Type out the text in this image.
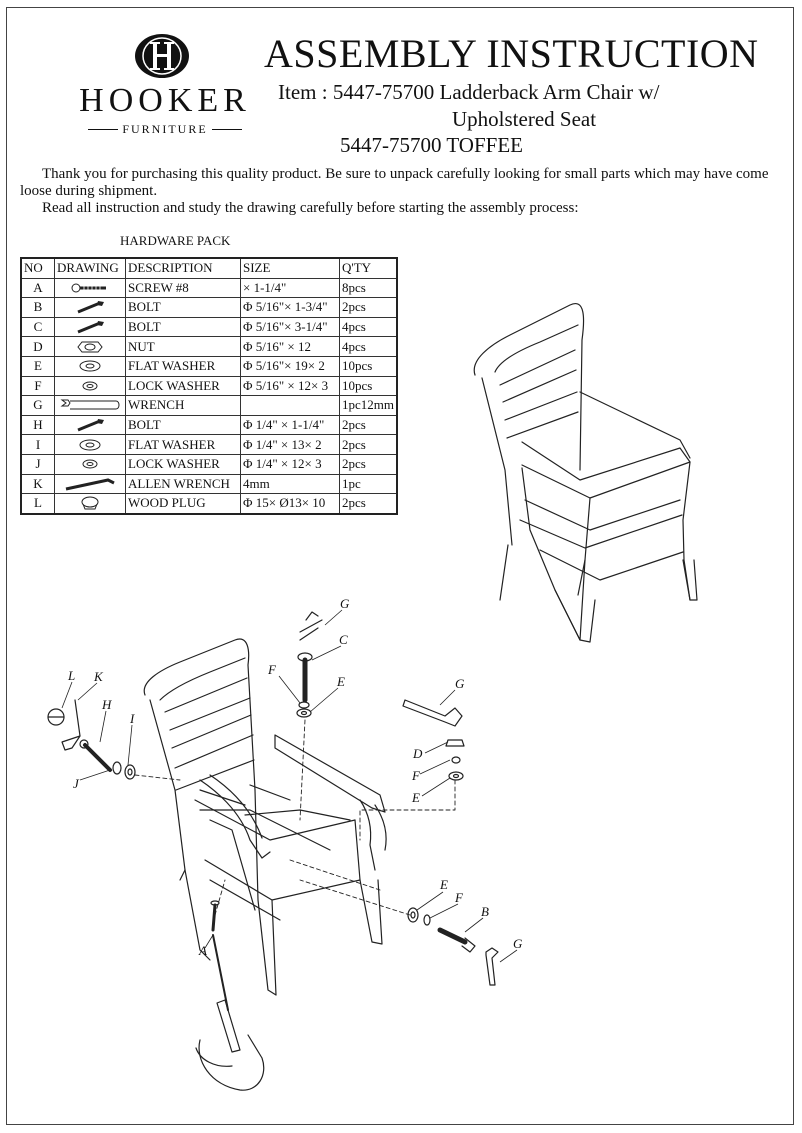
HOOKER
FURNITURE
ASSEMBLY INSTRUCTION
Item : 5447-75700 Ladderback Arm Chair w/
Upholstered Seat
5447-75700 TOFFEE

Thank you for purchasing this quality product. Be sure to unpack carefully looking for small parts which may have come loose during shipment.

Read all instruction and study the drawing carefully before starting the assembly process:

HARDWARE PACK
NO	DRAWING	DESCRIPTION	SIZE	Q'TY
A		SCREW #8	× 1-1/4"	8pcs
B		BOLT	Φ 5/16"× 1-3/4"	2pcs
C		BOLT	Φ 5/16"× 3-1/4"	4pcs
D		NUT	Φ 5/16" × 12	4pcs
E		FLAT WASHER	Φ 5/16"× 19× 2	10pcs
F		LOCK WASHER	Φ 5/16" × 12× 3	10pcs
G		WRENCH		1pc12mm
H		BOLT	Φ 1/4" × 1-1/4"	2pcs
I		FLAT WASHER	Φ 1/4" × 13× 2	2pcs
J		LOCK WASHER	Φ 1/4" × 12× 3	2pcs
K		ALLEN WRENCH	4mm	1pc
L		WOOD PLUG	Φ 15× Ø13× 10	2pcs
L K
H
I
J
G
C
F
E	G
D
F
E
E
F
B
G
A
